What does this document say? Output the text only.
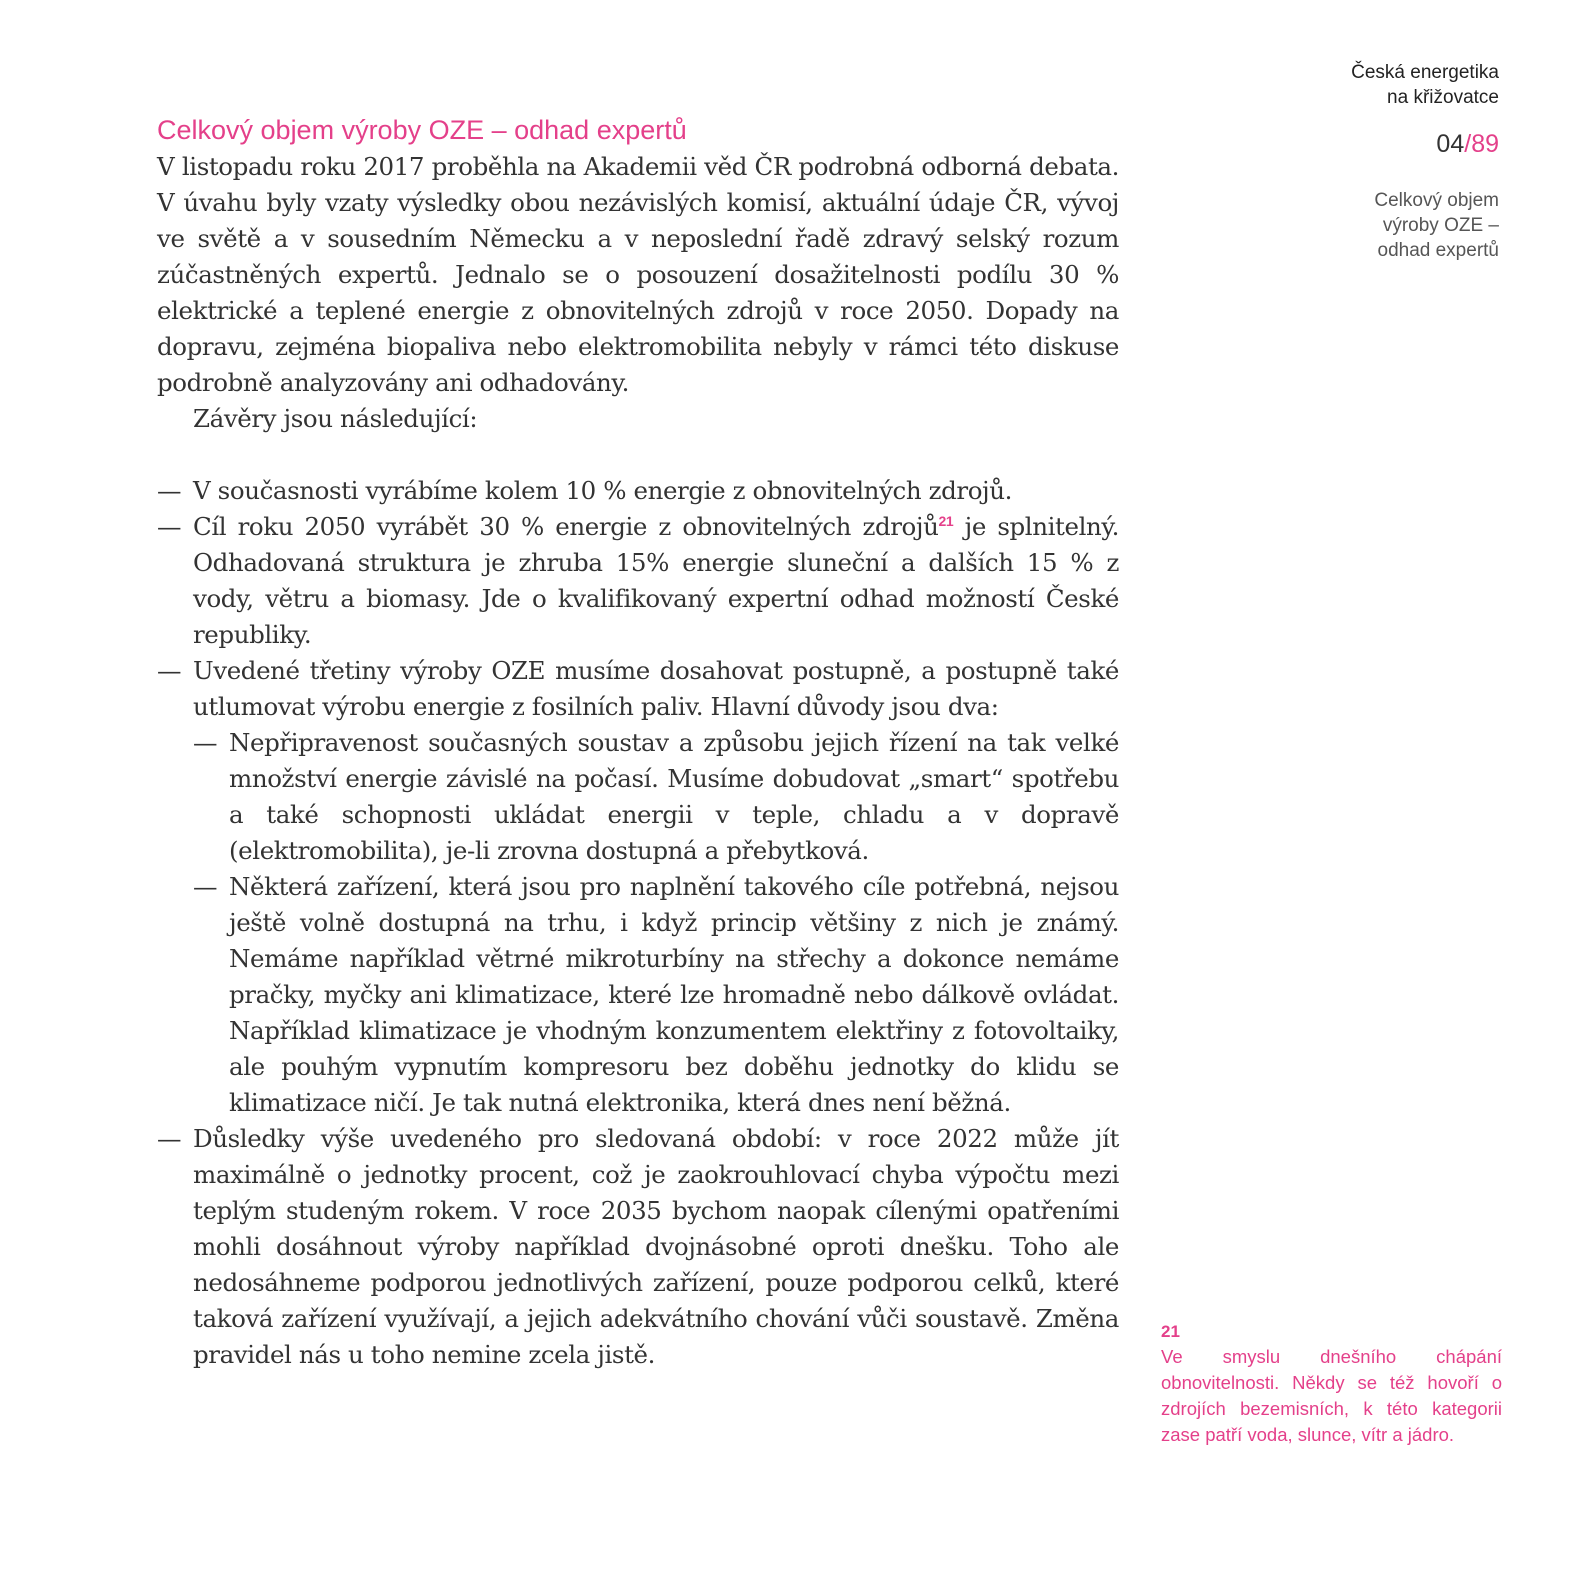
Česká energetika
na křižovatce
04/89
Celkový objem
výroby OZE –
odhad expertů
Celkový objem výroby OZE – odhad expertů

V listopadu roku 2017 proběhla na Akademii věd ČR podrobná odborná debata. V úvahu byly vzaty výsledky obou nezávislých komisí, aktuální údaje ČR, vývoj ve světě a v sousedním Německu a v neposlední řadě zdravý selský rozum zúčastněných expertů. Jednalo se o posouzení dosažitelnosti podílu 30 % elektrické a teplené energie z obnovitelných zdrojů v roce 2050. Dopady na dopravu, zejména biopaliva nebo elektromobilita nebyly v rámci této diskuse podrobně analyzovány ani odhadovány.

Závěry jsou následující:

— V současnosti vyrábíme kolem 10 % energie z obnovitelných zdrojů.
— Cíl roku 2050 vyrábět 30 % energie z obnovitelných zdrojů$^{21}$ je splnitelný. Odhadovaná struktura je zhruba 15% energie sluneční a dalších 15 % z vody, větru a biomasy. Jde o kvalifikovaný expertní odhad možností České republiky.
— Uvedené třetiny výroby OZE musíme dosahovat postupně, a postupně také utlumovat výrobu energie z fosilních paliv. Hlavní důvody jsou dva:
— Nepřipravenost současných soustav a způsobu jejich řízení na tak velké množství energie závislé na počasí. Musíme dobudovat „smart“ spotřebu a také schopnosti ukládat energii v teple, chladu a v dopravě (elektromobilita), je-li zrovna dostupná a přebytková.
— Některá zařízení, která jsou pro naplnění takového cíle potřebná, nejsou ještě volně dostupná na trhu, i když princip většiny z nich je známý. Nemáme například větrné mikroturbíny na střechy a dokonce nemáme pračky, myčky ani klimatizace, které lze hromadně nebo dálkově ovládat. Například klimatizace je vhodným konzumentem elektřiny z fotovoltaiky, ale pouhým vypnutím kompresoru bez doběhu jednotky do klidu se klimatizace ničí. Je tak nutná elektronika, která dnes není běžná.
— Důsledky výše uvedeného pro sledovaná období: v roce 2022 může jít maximálně o jednotky procent, což je zaokrouhlovací chyba výpočtu mezi teplým studeným rokem. V roce 2035 bychom naopak cílenými opatřeními mohli dosáhnout výroby například dvojnásobné oproti dnešku. Toho ale nedosáhneme podporou jednotlivých zařízení, pouze podporou celků, které taková zařízení využívají, a jejich adekvátního chování vůči soustavě. Změna pravidel nás u toho nemine zcela jistě.
21
Ve smyslu dnešního chápání obnovitelnosti. Někdy se též hovoří o zdrojích bezemisních, k této kategorii zase patří voda, slunce, vítr a jádro.
